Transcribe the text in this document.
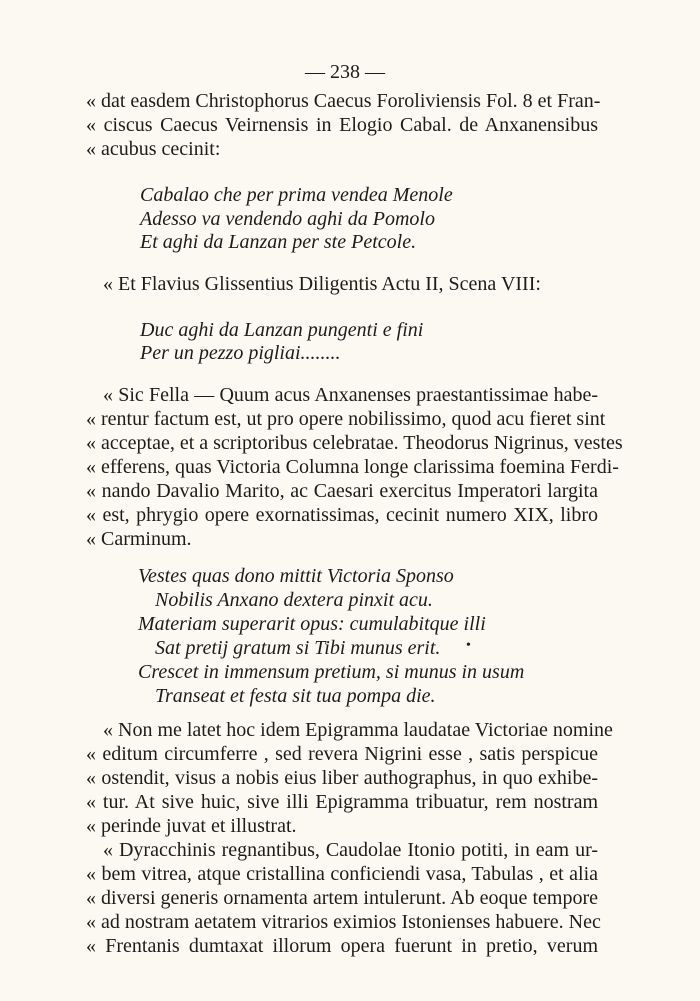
— 238 —
« dat easdem Christophorus Caecus Foroliviensis Fol. 8 et Fran-
« ciscus Caecus Veirnensis in Elogio Cabal. de Anxanensibus
« acubus cecinit:
Cabalao che per prima vendea Menole
Adesso va vendendo aghi da Pomolo
Et aghi da Lanzan per ste Petcole.
« Et Flavius Glissentius Diligentis Actu II, Scena VIII:
Duc aghi da Lanzan pungenti e fini
Per un pezzo pigliai........
« Sic Fella — Quum acus Anxanenses praestantissimae habe-
« rentur factum est, ut pro opere nobilissimo, quod acu fieret sint
« acceptae, et a scriptoribus celebratae. Theodorus Nigrinus, vestes
« efferens, quas Victoria Columna longe clarissima foemina Ferdi-
« nando Davalio Marito, ac Caesari exercitus Imperatori largita
« est, phrygio opere exornatissimas, cecinit numero XIX, libro
« Carminum.
Vestes quas dono mittit Victoria Sponso
Nobilis Anxano dextera pinxit acu.
Materiam superarit opus: cumulabitque illi
Sat pretij gratum si Tibi munus erit.
Crescet in immensum pretium, si munus in usum
Transeat et festa sit tua pompa die.
•
« Non me latet hoc idem Epigramma laudatae Victoriae nomine
« editum circumferre , sed revera Nigrini esse , satis perspicue
« ostendit, visus a nobis eius liber authographus, in quo exhibe-
« tur. At sive huic, sive illi Epigramma tribuatur, rem nostram
« perinde juvat et illustrat.
« Dyracchinis regnantibus, Caudolae Itonio potiti, in eam ur-
« bem vitrea, atque cristallina conficiendi vasa, Tabulas , et alia
« diversi generis ornamenta artem intulerunt. Ab eoque tempore
« ad nostram aetatem vitrarios eximios Istonienses habuere. Nec
« Frentanis dumtaxat illorum opera fuerunt in pretio, verum
